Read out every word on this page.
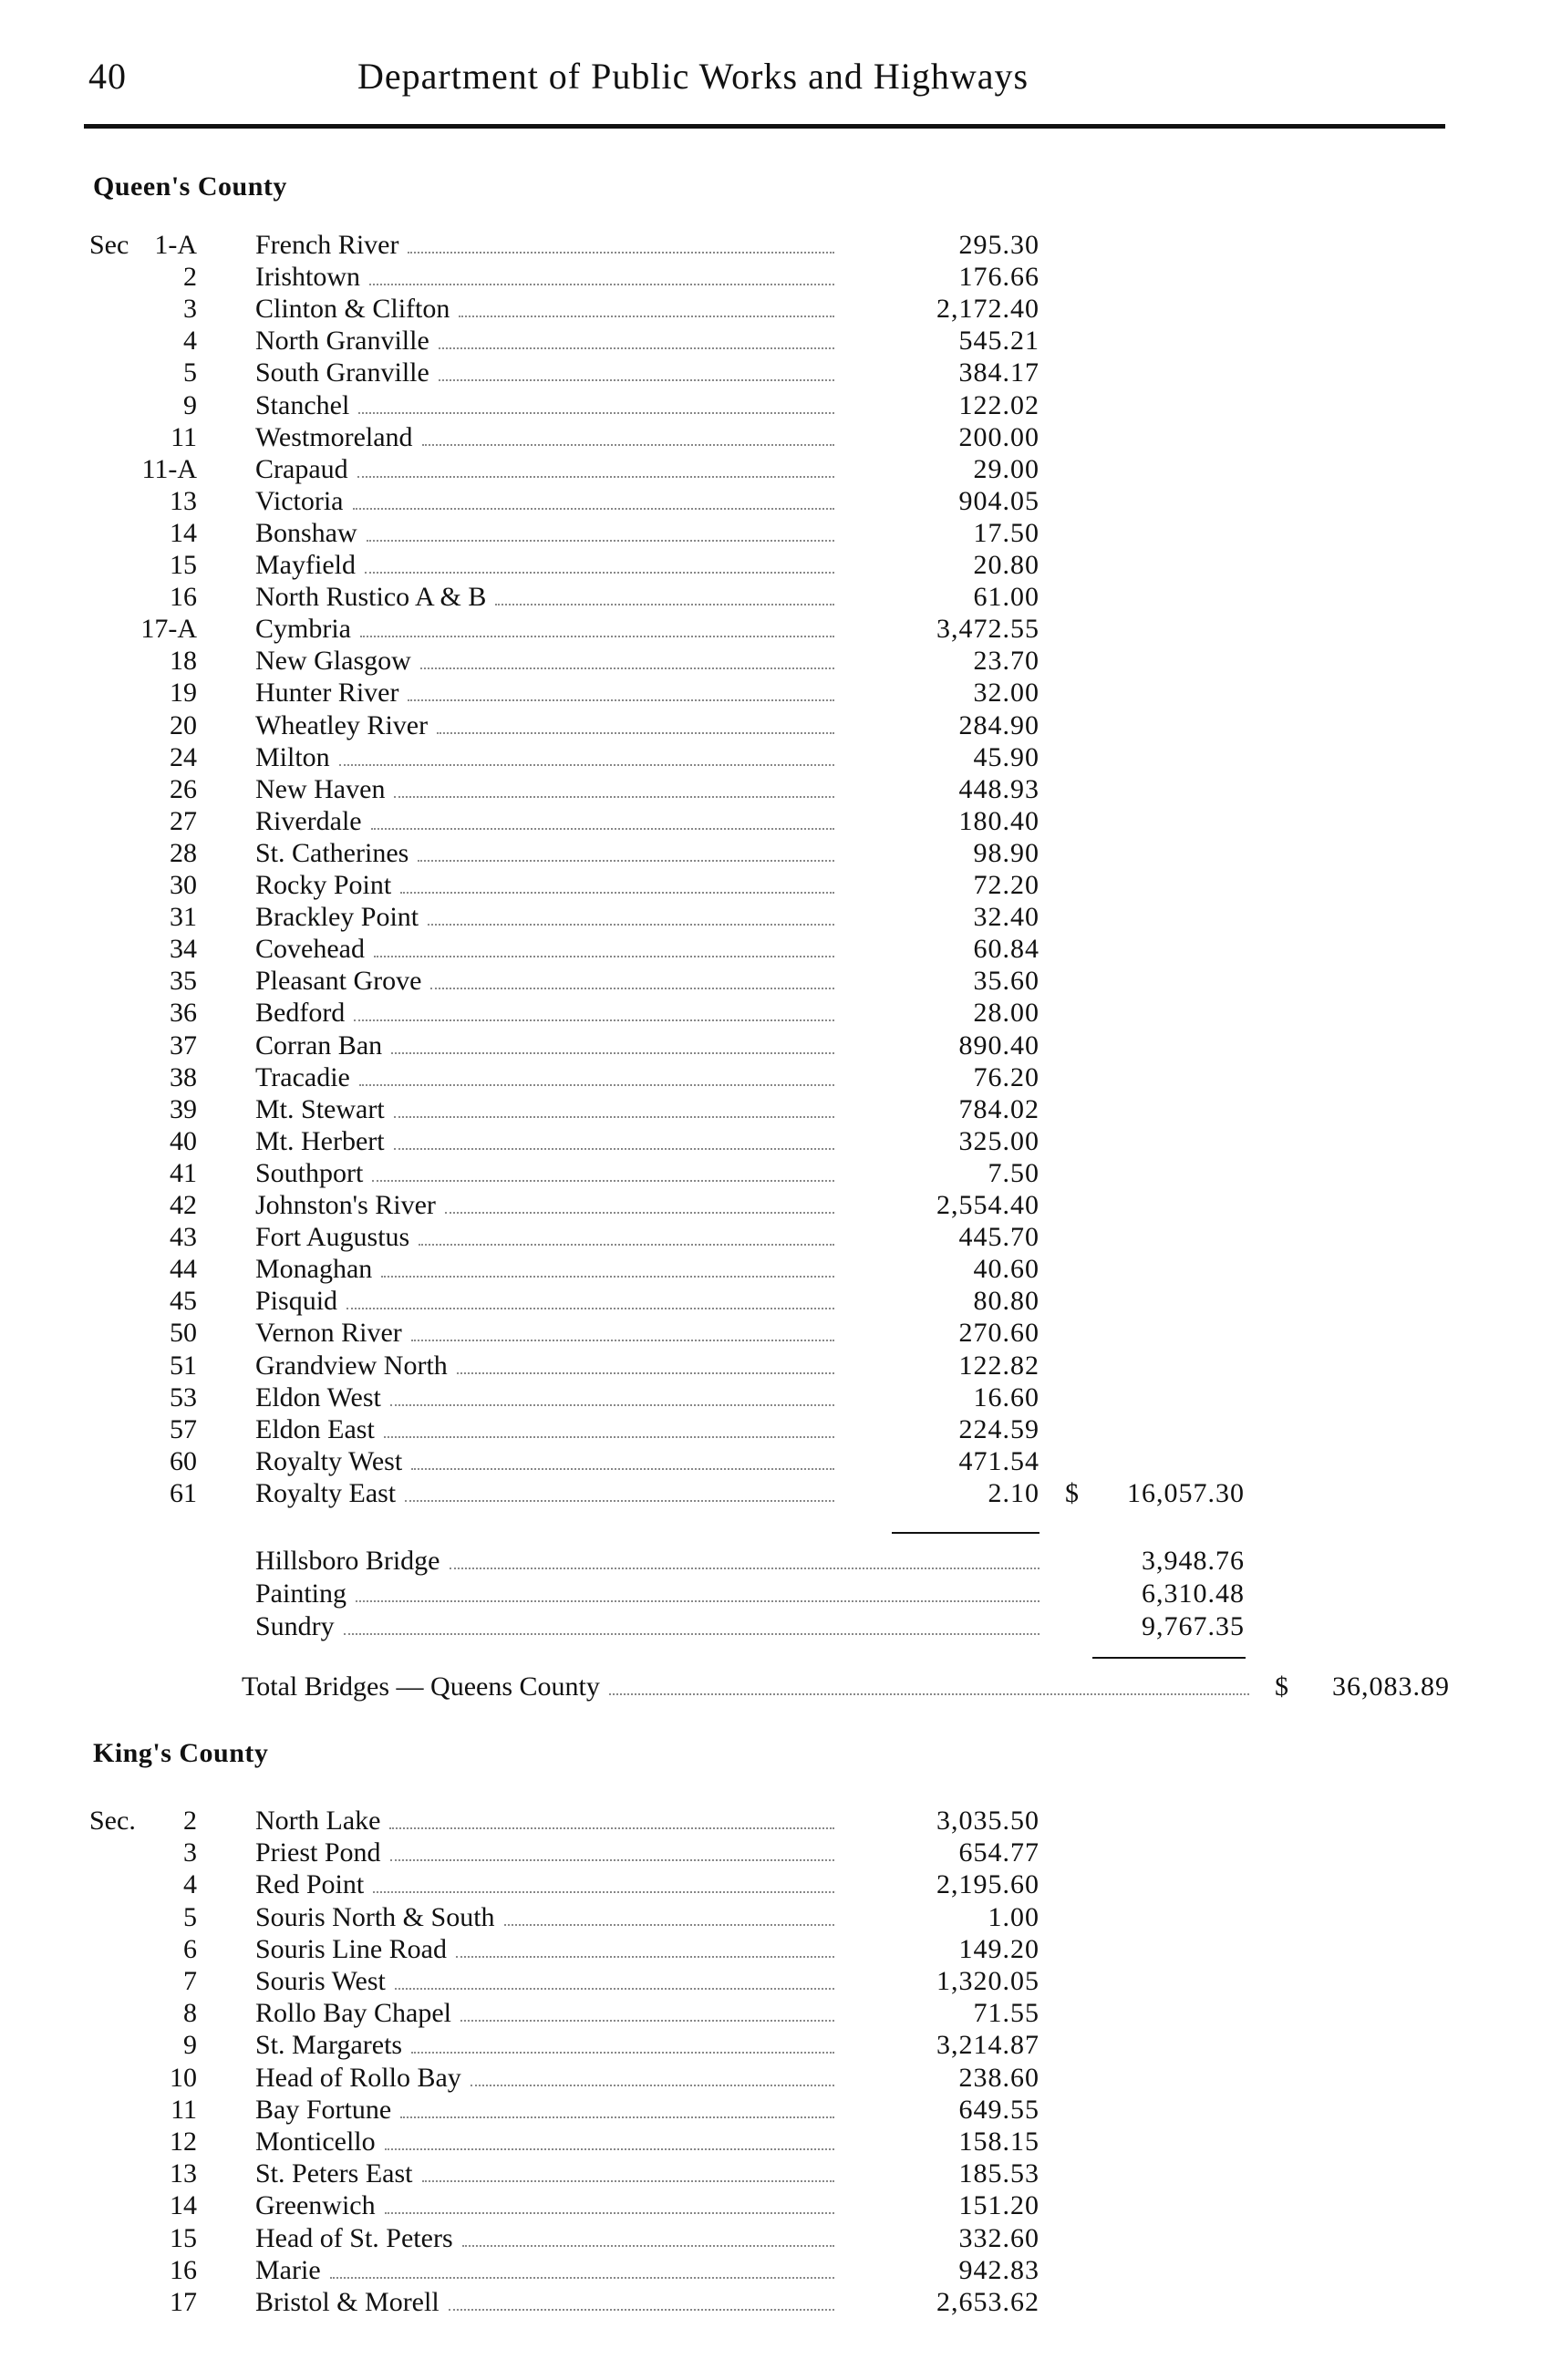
40	Department of Public Works and Highways
Queen's County
Sec 1-A French River	295.30
2 Irishtown	176.66
3 Clinton & Clifton	2,172.40
4 North Granville	545.21
5 South Granville	384.17
9 Stanchel	122.02
11 Westmoreland	200.00
11-A Crapaud	29.00
13 Victoria	904.05
14 Bonshaw	17.50
15 Mayfield	20.80
16 North Rustico A & B	61.00
17-A Cymbria	3,472.55
18 New Glasgow	23.70
19 Hunter River	32.00
20 Wheatley River	284.90
24 Milton	45.90
26 New Haven	448.93
27 Riverdale	180.40
28 St. Catherines	98.90
30 Rocky Point	72.20
31 Brackley Point	32.40
34 Covehead	60.84
35 Pleasant Grove	35.60
36 Bedford	28.00
37 Corran Ban	890.40
38 Tracadie	76.20
39 Mt. Stewart	784.02
40 Mt. Herbert	325.00
41 Southport	7.50
42 Johnston's River	2,554.40
43 Fort Augustus	445.70
44 Monaghan	40.60
45 Pisquid	80.80
50 Vernon River	270.60
51 Grandview North	122.82
53 Eldon West	16.60
57 Eldon East	224.59
60 Royalty West	471.54
61 Royalty East	2.10 $	16,057.30
Hillsboro Bridge	3,948.76
Painting	6,310.48
Sundry	9,767.35
Total Bridges — Queens County	$	36,083.89
King's County
Sec.	2 North Lake	3,035.50
3 Priest Pond	654.77
4 Red Point	2,195.60
5 Souris North & South	1.00
6 Souris Line Road	149.20
7 Souris West	1,320.05
8 Rollo Bay Chapel	71.55
9 St. Margarets	3,214.87
10 Head of Rollo Bay	238.60
11 Bay Fortune	649.55
12 Monticello	158.15
13 St. Peters East	185.53
14 Greenwich	151.20
15 Head of St. Peters	332.60
16 Marie	942.83
17 Bristol & Morell	2,653.62
